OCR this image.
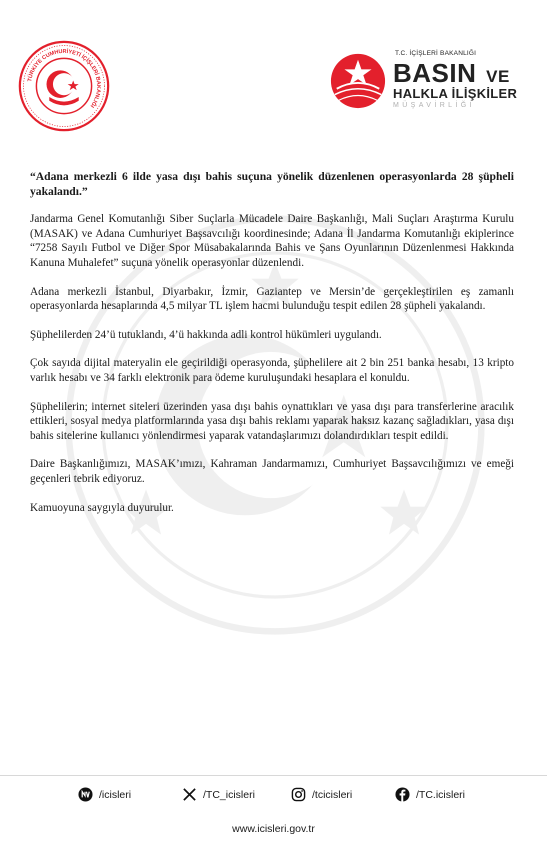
TÜRKİYE CUMHURİYETİ İÇİŞLERİ BAKANLIĞI
T.C. İÇİŞLERİ BAKANLIĞI
BASIN VE
HALKLA İLİŞKİLER
MÜŞAVİRLİĞİ

“Adana merkezli 6 ilde yasa dışı bahis suçuna yönelik düzenlenen operasyonlarda 28 şüpheli yakalandı.”

Jandarma Genel Komutanlığı Siber Suçlarla Mücadele Daire Başkanlığı, Mali Suçları Araştırma Kurulu (MASAK) ve Adana Cumhuriyet Başsavcılığı koordinesinde; Adana İl Jandarma Komutanlığı ekiplerince “7258 Sayılı Futbol ve Diğer Spor Müsabakalarında Bahis ve Şans Oyunlarının Düzenlenmesi Hakkında Kanuna Muhalefet” suçuna yönelik operasyonlar düzenlendi.

Adana merkezli İstanbul, Diyarbakır, İzmir, Gaziantep ve Mersin’de gerçekleştirilen eş zamanlı operasyonlarda hesaplarında 4,5 milyar TL işlem hacmi bulunduğu tespit edilen 28 şüpheli yakalandı.

Şüphelilerden 24’ü tutuklandı, 4’ü hakkında adli kontrol hükümleri uygulandı.

Çok sayıda dijital materyalin ele geçirildiği operasyonda, şüphelilere ait 2 bin 251 banka hesabı, 13 kripto varlık hesabı ve 34 farklı elektronik para ödeme kuruluşundaki hesaplara el konuldu.

Şüphelilerin; internet siteleri üzerinden yasa dışı bahis oynattıkları ve yasa dışı para transferlerine aracılık ettikleri, sosyal medya platformlarında yasa dışı bahis reklamı yaparak haksız kazanç sağladıkları, yasa dışı bahis sitelerine kullanıcı yönlendirmesi yaparak vatandaşlarımızı dolandırdıkları tespit edildi.

Daire Başkanlığımızı, MASAK’ımızı, Kahraman Jandarmamızı, Cumhuriyet Başsavcılığımızı ve emeği geçenleri tebrik ediyoruz.

Kamuoyuna saygıyla duyurulur.

/icisleri	/TC_icisleri	/tcicisleri	/TC.icisleri
www.icisleri.gov.tr
